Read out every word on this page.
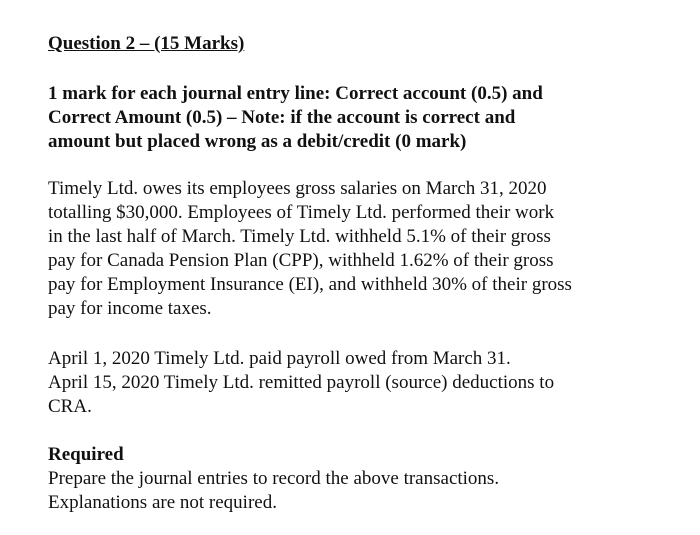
Question 2 – (15 Marks)
1 mark for each journal entry line: Correct account (0.5) and
Correct Amount (0.5) – Note: if the account is correct and
amount but placed wrong as a debit/credit (0 mark)
Timely Ltd. owes its employees gross salaries on March 31, 2020
totalling $30,000. Employees of Timely Ltd. performed their work
in the last half of March. Timely Ltd. withheld 5.1% of their gross
pay for Canada Pension Plan (CPP), withheld 1.62% of their gross
pay for Employment Insurance (EI), and withheld 30% of their gross
pay for income taxes.
April 1, 2020 Timely Ltd. paid payroll owed from March 31.
April 15, 2020 Timely Ltd. remitted payroll (source) deductions to
CRA.
Required
Prepare the journal entries to record the above transactions.
Explanations are not required.
